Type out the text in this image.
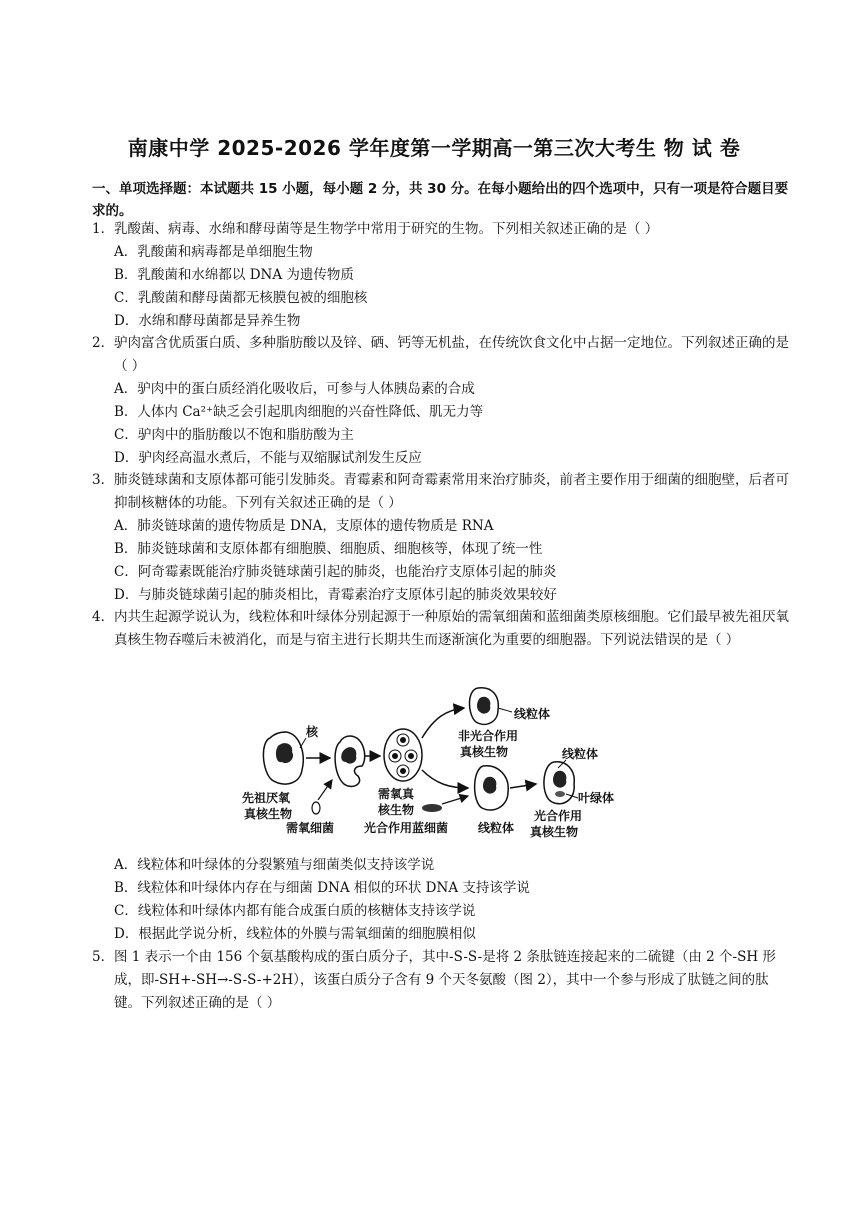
南康中学 2025-2026 学年度第一学期高一第三次大考生 物 试 卷
一、单项选择题：本试题共 15 小题，每小题 2 分，共 30 分。在每小题给出的四个选项中，只有一项是符合题目要求的。
1．乳酸菌、病毒、水绵和酵母菌等是生物学中常用于研究的生物。下列相关叙述正确的是（ ）
A．乳酸菌和病毒都是单细胞生物
B．乳酸菌和水绵都以 DNA 为遗传物质
C．乳酸菌和酵母菌都无核膜包被的细胞核
D．水绵和酵母菌都是异养生物
2．驴肉富含优质蛋白质、多种脂肪酸以及锌、硒、钙等无机盐，在传统饮食文化中占据一定地位。下列叙述正确的是（ ）
A．驴肉中的蛋白质经消化吸收后，可参与人体胰岛素的合成
B．人体内 Ca²⁺缺乏会引起肌肉细胞的兴奋性降低、肌无力等
C．驴肉中的脂肪酸以不饱和脂肪酸为主
D．驴肉经高温水煮后，不能与双缩脲试剂发生反应
3．肺炎链球菌和支原体都可能引发肺炎。青霉素和阿奇霉素常用来治疗肺炎，前者主要作用于细菌的细胞壁，后者可抑制核糖体的功能。下列有关叙述正确的是（ ）
A．肺炎链球菌的遗传物质是 DNA，支原体的遗传物质是 RNA
B．肺炎链球菌和支原体都有细胞膜、细胞质、细胞核等，体现了统一性
C．阿奇霉素既能治疗肺炎链球菌引起的肺炎，也能治疗支原体引起的肺炎
D．与肺炎链球菌引起的肺炎相比，青霉素治疗支原体引起的肺炎效果较好
4．内共生起源学说认为，线粒体和叶绿体分别起源于一种原始的需氧细菌和蓝细菌类原核细胞。它们最早被先祖厌氧真核生物吞噬后未被消化，而是与宿主进行长期共生而逐渐演化为重要的细胞器。下列说法错误的是（ ）
核
先祖厌氧
真核生物
需氧细菌
需氧真
核生物
光合作用蓝细菌
线粒体
非光合作用
真核生物
线粒体
线粒体
叶绿体
光合作用
真核生物
A．线粒体和叶绿体的分裂繁殖与细菌类似支持该学说
B．线粒体和叶绿体内存在与细菌 DNA 相似的环状 DNA 支持该学说
C．线粒体和叶绿体内都有能合成蛋白质的核糖体支持该学说
D．根据此学说分析，线粒体的外膜与需氧细菌的细胞膜相似
5．图 1 表示一个由 156 个氨基酸构成的蛋白质分子，其中-S-S-是将 2 条肽链连接起来的二硫键（由 2 个-SH 形成，即-SH+-SH→-S-S-+2H），该蛋白质分子含有 9 个天冬氨酸（图 2），其中一个参与形成了肽链之间的肽键。下列叙述正确的是（ ）
